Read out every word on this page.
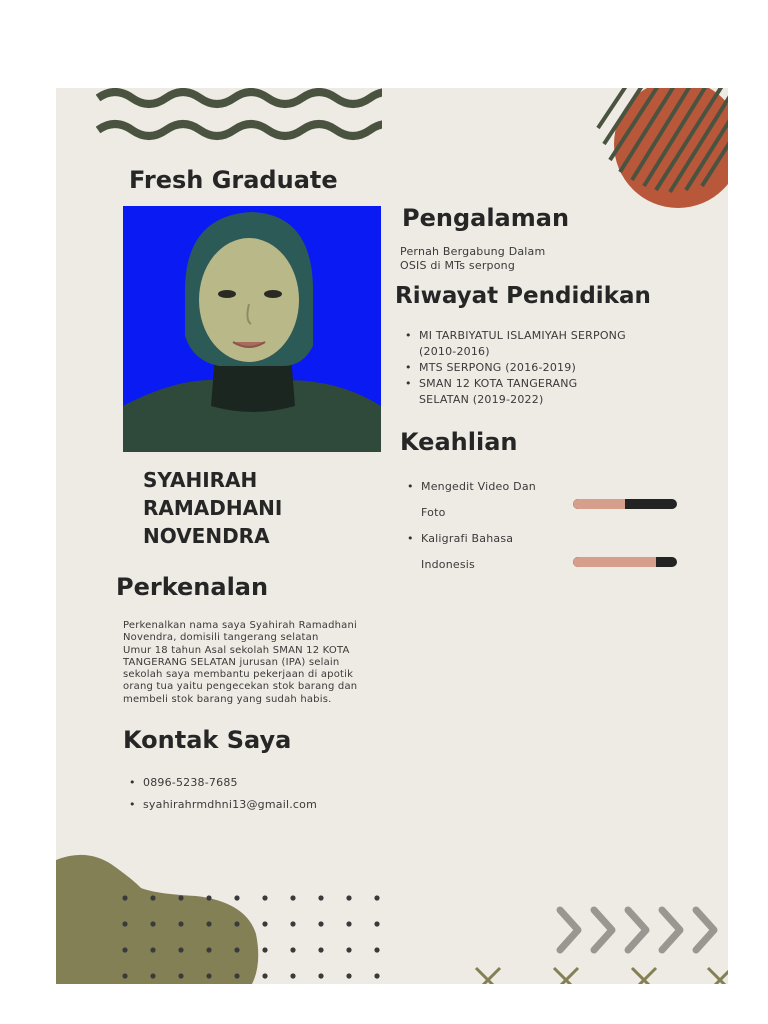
Fresh Graduate
SYAHIRAH
RAMADHANI
NOVENDRA
Pengalaman
Pernah Bergabung Dalam
OSIS di MTs serpong
Riwayat Pendidikan
• MI TARBIYATUL ISLAMIYAH SERPONG
(2010-2016)
• MTS SERPONG (2016-2019)
• SMAN 12 KOTA TANGERANG
SELATAN (2019-2022)
Keahlian
• Mengedit Video Dan
Foto
• Kaligrafi Bahasa
Indonesis
Perkenalan
Perkenalkan nama saya Syahirah Ramadhani
Novendra, domisili tangerang selatan
Umur 18 tahun Asal sekolah SMAN 12 KOTA
TANGERANG SELATAN jurusan (IPA) selain
sekolah saya membantu pekerjaan di apotik
orang tua yaitu pengecekan stok barang dan
membeli stok barang yang sudah habis.
Kontak Saya
• 0896-5238-7685
• syahirahrmdhni13@gmail.com
